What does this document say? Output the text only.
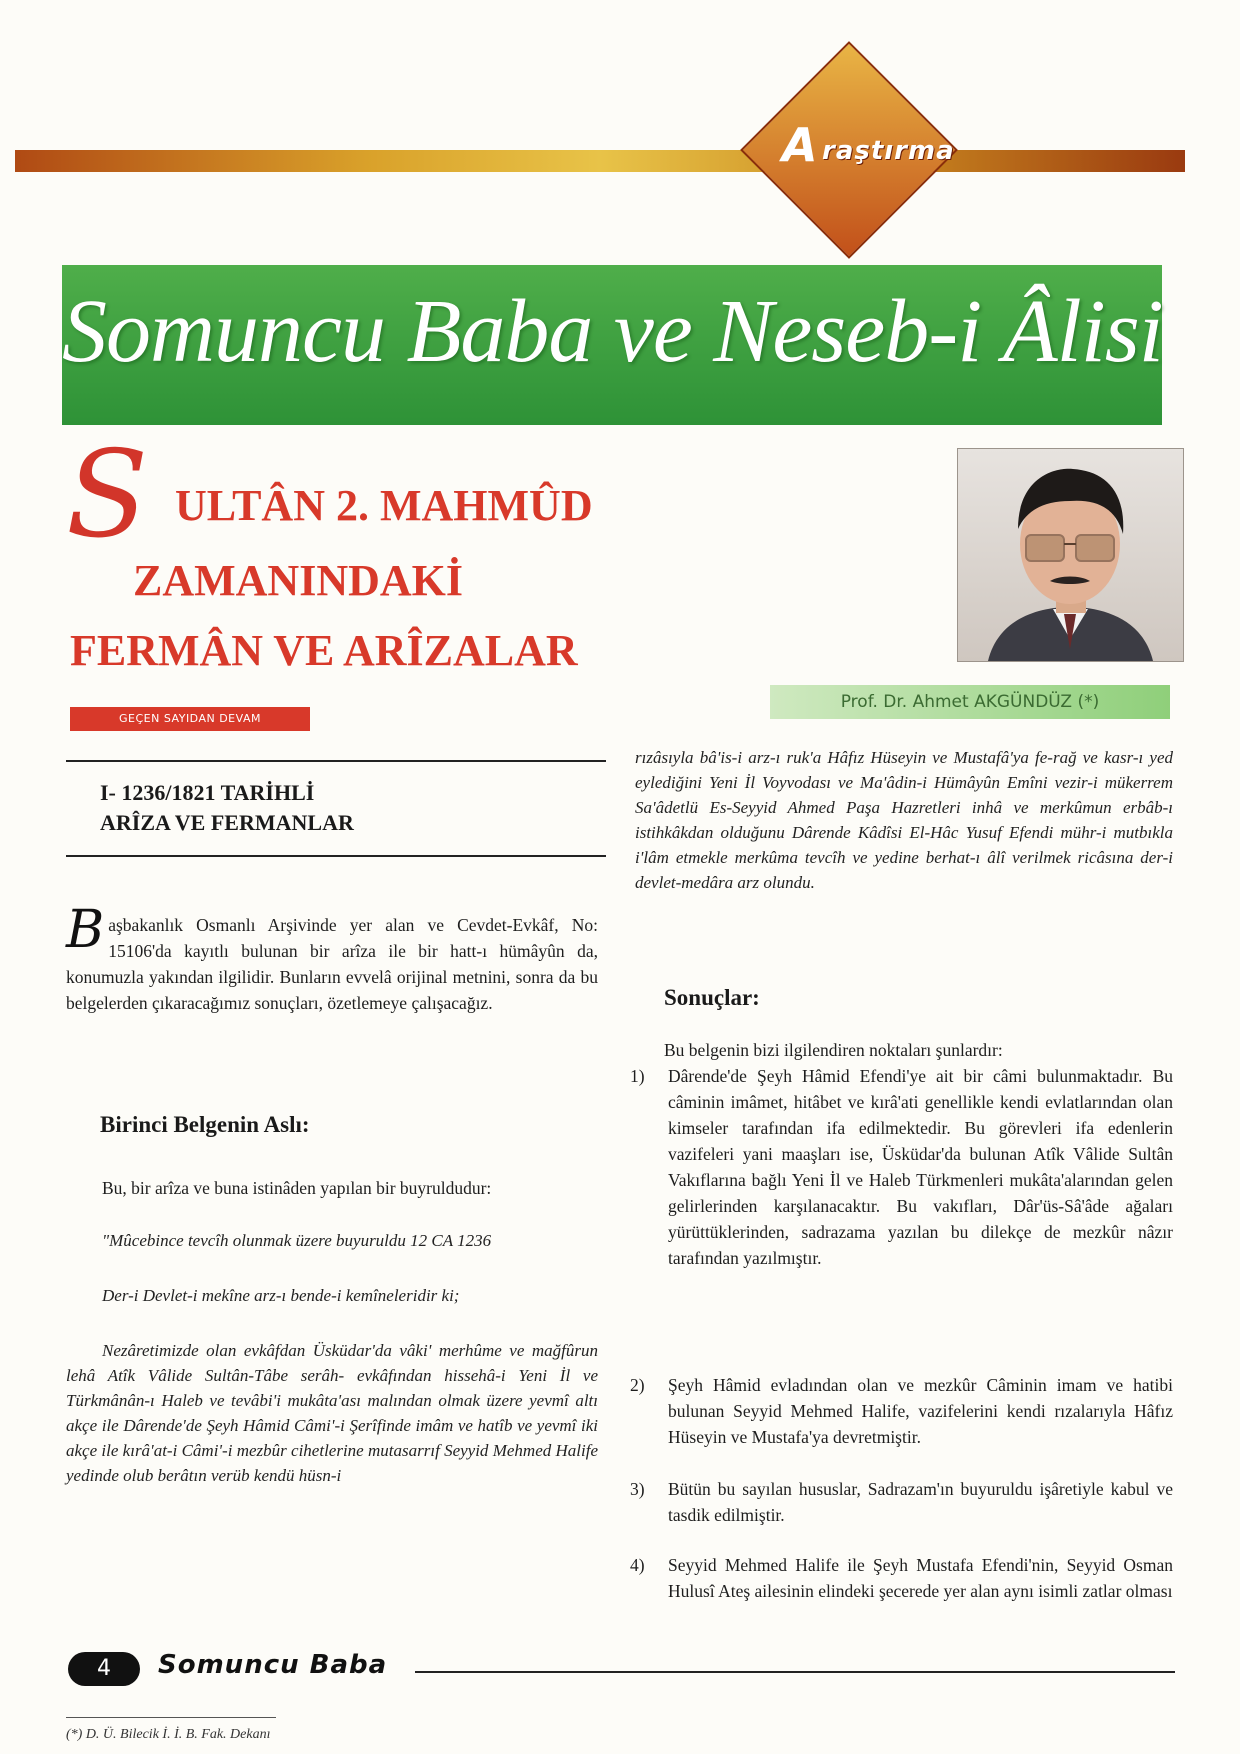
A raştırma
Somuncu Baba ve Neseb-i Âlisi
S ULTÂN 2. MAHMÛD
ZAMANINDAKİ
FERMÂN VE ARÎZALAR
GEÇEN SAYIDAN DEVAM
Prof. Dr. Ahmet AKGÜNDÜZ (*)
I- 1236/1821 TARİHLİ
ARÎZA VE FERMANLAR
Başbakanlık Osmanlı Arşivinde yer alan ve Cevdet-Evkâf, No: 15106'da kayıtlı bulunan bir arîza ile bir hatt-ı hümâyûn da, konumuzla yakından ilgilidir. Bunların evvelâ orijinal metnini, sonra da bu belgelerden çıkaracağımız sonuçları, özetlemeye çalışacağız.
Birinci Belgenin Aslı:
Bu, bir arîza ve buna istinâden yapılan bir buyruldudur:
"Mûcebince tevcîh olunmak üzere buyuruldu 12 CA 1236
Der-i Devlet-i mekîne arz-ı bende-i kemîneleridir ki;
Nezâretimizde olan evkâfdan Üsküdar'da vâki' merhûme ve mağfûrun lehâ Atîk Vâlide Sultân-Tâbe serâh- evkâfından hissehâ-i Yeni İl ve Türkmânân-ı Haleb ve tevâbi'i mukâta'ası malından olmak üzere yevmî altı akçe ile Dârende'de Şeyh Hâmid Câmi'-i Şerîfinde imâm ve hatîb ve yevmî iki akçe ile kırâ'at-i Câmi'-i mezbûr cihetlerine mutasarrıf Seyyid Mehmed Halife yedinde olub berâtın verüb kendü hüsn-i
(*) D. Ü. Bilecik İ. İ. B. Fak. Dekanı
rızâsıyla bâ'is-i arz-ı ruk'a Hâfız Hüseyin ve Mustafâ'ya fe-rağ ve kasr-ı yed eylediğini Yeni İl Voyvodası ve Ma'âdin-i Hümâyûn Emîni vezir-i mükerrem Sa'âdetlü Es-Seyyid Ahmed Paşa Hazretleri inhâ ve merkûmun erbâb-ı istihkâkdan olduğunu Dârende Kâdîsi El-Hâc Yusuf Efendi mühr-i mutbıkla i'lâm etmekle merkûma tevcîh ve yedine berhat-ı âlî verilmek ricâsına der-i devlet-medâra arz olundu.
Sonuçlar:
Bu belgenin bizi ilgilendiren noktaları şunlardır:
1)	Dârende'de Şeyh Hâmid Efendi'ye ait bir câmi bulunmaktadır. Bu câminin imâmet, hitâbet ve kırâ'ati genellikle kendi evlatlarından olan kimseler tarafından ifa edilmektedir. Bu görevleri ifa edenlerin vazifeleri yani maaşları ise, Üsküdar'da bulunan Atîk Vâlide Sultân Vakıflarına bağlı Yeni İl ve Haleb Türkmenleri mukâta'alarından gelen gelirlerinden karşılanacaktır. Bu vakıfları, Dâr'üs-Sâ'âde ağaları yürüttüklerinden, sadrazama yazılan bu dilekçe de mezkûr nâzır tarafından yazılmıştır.
2)	Şeyh Hâmid evladından olan ve mezkûr Câminin imam ve hatibi bulunan Seyyid Mehmed Halife, vazifelerini kendi rızalarıyla Hâfız Hüseyin ve Mustafa'ya devretmiştir.
3)	Bütün bu sayılan hususlar, Sadrazam'ın buyuruldu işâretiyle kabul ve tasdik edilmiştir.
4)	Seyyid Mehmed Halife ile Şeyh Mustafa Efendi'nin, Seyyid Osman Hulusî Ateş ailesinin elindeki şecerede yer alan aynı isimli zatlar olması
4	Somuncu Baba
